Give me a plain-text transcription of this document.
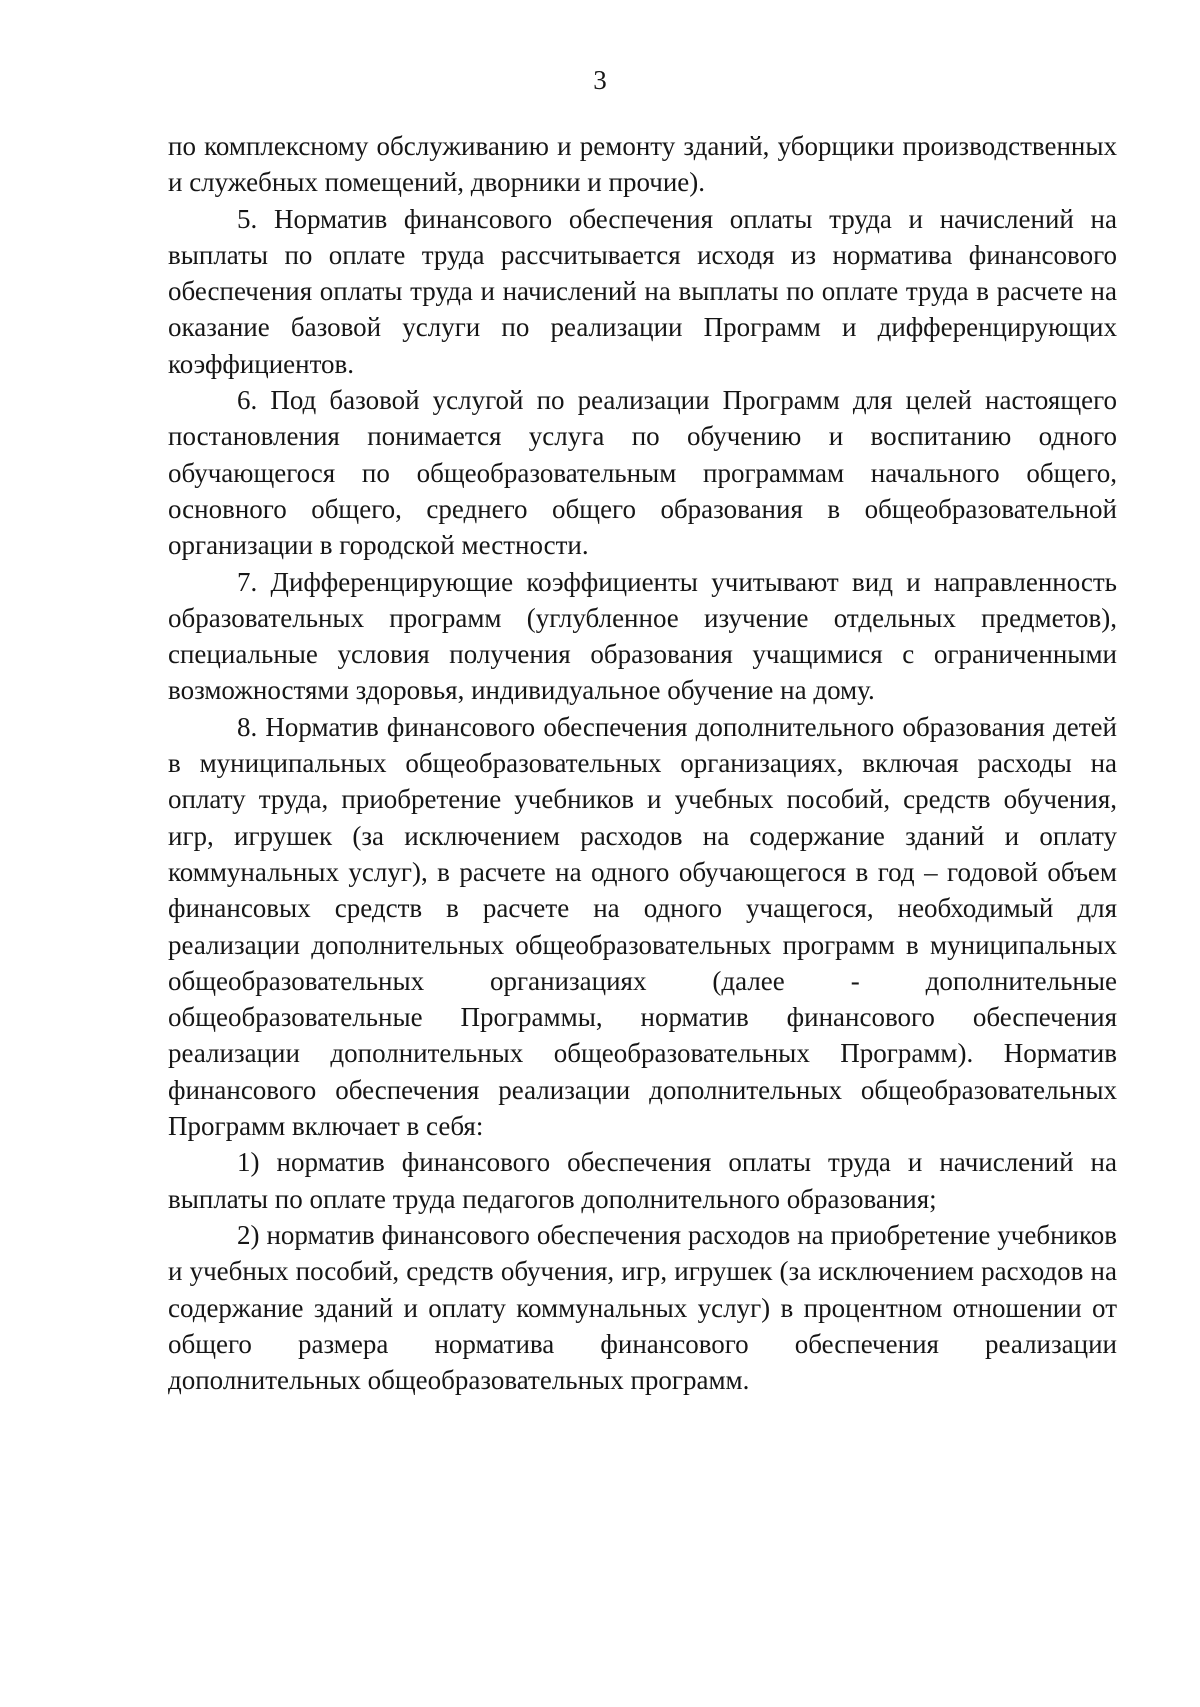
3

по комплексному обслуживанию и ремонту зданий, уборщики производственных и служебных помещений, дворники и прочие).

5. Норматив финансового обеспечения оплаты труда и начислений на выплаты по оплате труда рассчитывается исходя из норматива финансового обеспечения оплаты труда и начислений на выплаты по оплате труда в расчете на оказание базовой услуги по реализации Программ и дифференцирующих коэффициентов.

6. Под базовой услугой по реализации Программ для целей настоящего постановления понимается услуга по обучению и воспитанию одного обучающегося по общеобразовательным программам начального общего, основного общего, среднего общего образования в общеобразовательной организации в городской местности.

7. Дифференцирующие коэффициенты учитывают вид и направленность образовательных программ (углубленное изучение отдельных предметов), специальные условия получения образования учащимися с ограниченными возможностями здоровья, индивидуальное обучение на дому.

8. Норматив финансового обеспечения дополнительного образования детей в муниципальных общеобразовательных организациях, включая расходы на оплату труда, приобретение учебников и учебных пособий, средств обучения, игр, игрушек (за исключением расходов на содержание зданий и оплату коммунальных услуг), в расчете на одного обучающегося в год – годовой объем финансовых средств в расчете на одного учащегося, необходимый для реализации дополнительных общеобразовательных программ в муниципальных общеобразовательных организациях (далее - дополнительные общеобразовательные Программы, норматив финансового обеспечения реализации дополнительных общеобразовательных Программ). Норматив финансового обеспечения реализации дополнительных общеобразовательных Программ включает в себя:

1) норматив финансового обеспечения оплаты труда и начислений на выплаты по оплате труда педагогов дополнительного образования;

2) норматив финансового обеспечения расходов на приобретение учебников и учебных пособий, средств обучения, игр, игрушек (за исключением расходов на содержание зданий и оплату коммунальных услуг) в процентном отношении от общего размера норматива финансового обеспечения реализации дополнительных общеобразовательных программ.
